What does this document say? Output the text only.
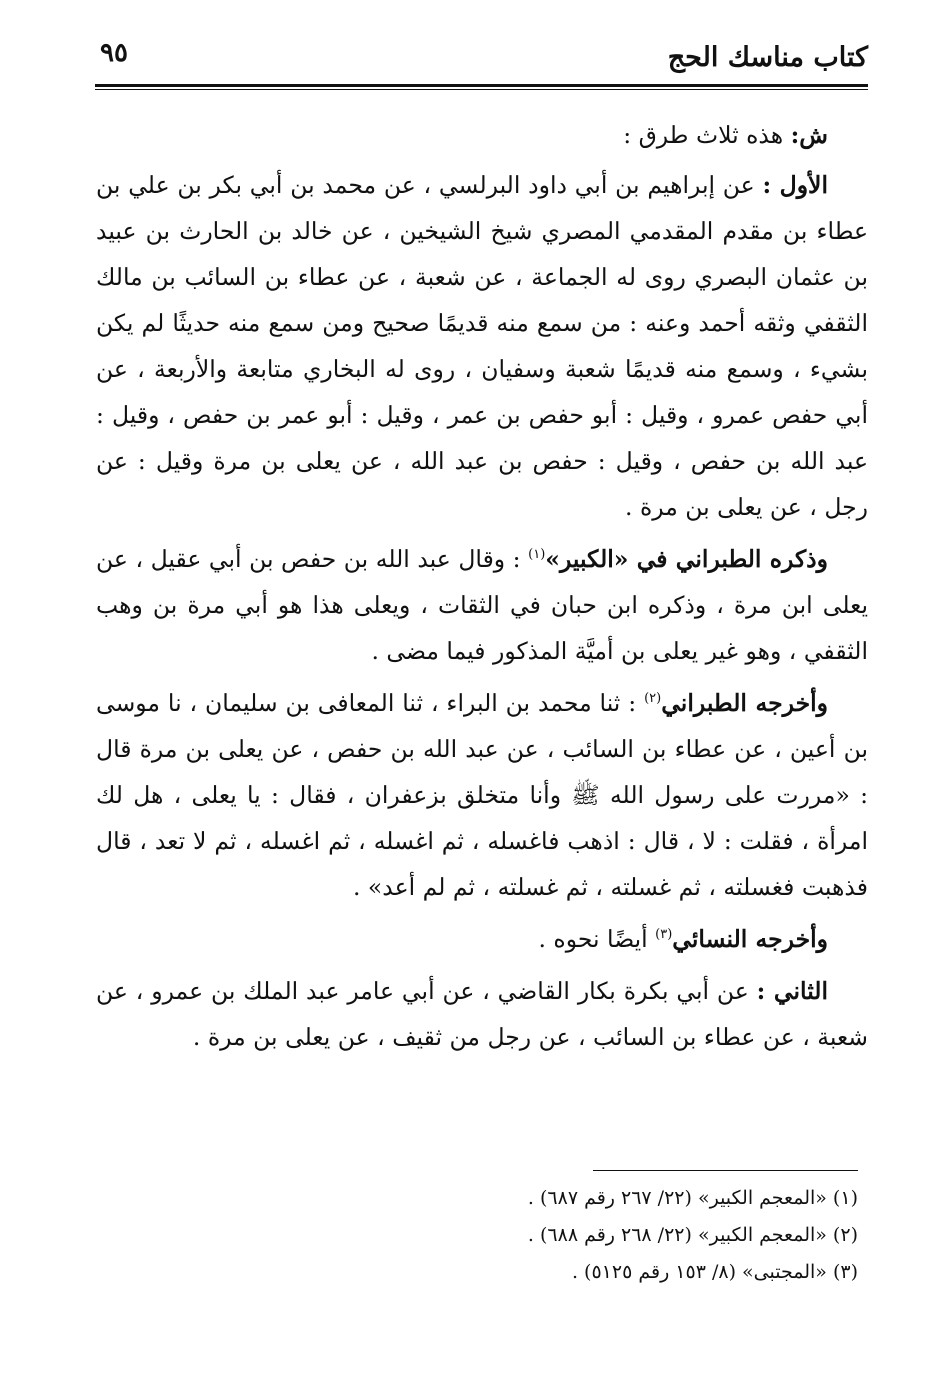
كتاب مناسك الحج
٩٥

ش: هذه ثلاث طرق :

الأول : عن إبراهيم بن أبي داود البرلسي ، عن محمد بن أبي بكر بن علي بن عطاء بن مقدم المقدمي المصري شيخ الشيخين ، عن خالد بن الحارث بن عبيد بن عثمان البصري روى له الجماعة ، عن شعبة ، عن عطاء بن السائب بن مالك الثقفي وثقه أحمد وعنه : من سمع منه قديمًا صحيح ومن سمع منه حديثًا لم يكن بشيء ، وسمع منه قديمًا شعبة وسفيان ، روى له البخاري متابعة والأربعة ، عن أبي حفص عمرو ، وقيل : أبو حفص بن عمر ، وقيل : أبو عمر بن حفص ، وقيل : عبد الله بن حفص ، وقيل : حفص بن عبد الله ، عن يعلى بن مرة وقيل : عن رجل ، عن يعلى بن مرة .

وذكره الطبراني في «الكبير»$^{(١)}$ : وقال عبد الله بن حفص بن أبي عقيل ، عن يعلى ابن مرة ، وذكره ابن حبان في الثقات ، ويعلى هذا هو أبي مرة بن وهب الثقفي ، وهو غير يعلى بن أميَّة المذكور فيما مضى .

وأخرجه الطبراني$^{(٢)}$ : ثنا محمد بن البراء ، ثنا المعافى بن سليمان ، نا موسى بن أعين ، عن عطاء بن السائب ، عن عبد الله بن حفص ، عن يعلى بن مرة قال : «مررت على رسول الله ﷺ وأنا متخلق بزعفران ، فقال : يا يعلى ، هل لك امرأة ، فقلت : لا ، قال : اذهب فاغسله ، ثم اغسله ، ثم اغسله ، ثم لا تعد ، قال فذهبت فغسلته ، ثم غسلته ، ثم غسلته ، ثم لم أعد» .

وأخرجه النسائي$^{(٣)}$ أيضًا نحوه .

الثاني : عن أبي بكرة بكار القاضي ، عن أبي عامر عبد الملك بن عمرو ، عن شعبة ، عن عطاء بن السائب ، عن رجل من ثقيف ، عن يعلى بن مرة .

(١) «المعجم الكبير» (٢٢/ ٢٦٧ رقم ٦٨٧) .

(٢) «المعجم الكبير» (٢٢/ ٢٦٨ رقم ٦٨٨) .

(٣) «المجتبى» (٨/ ١٥٣ رقم ٥١٢٥) .
